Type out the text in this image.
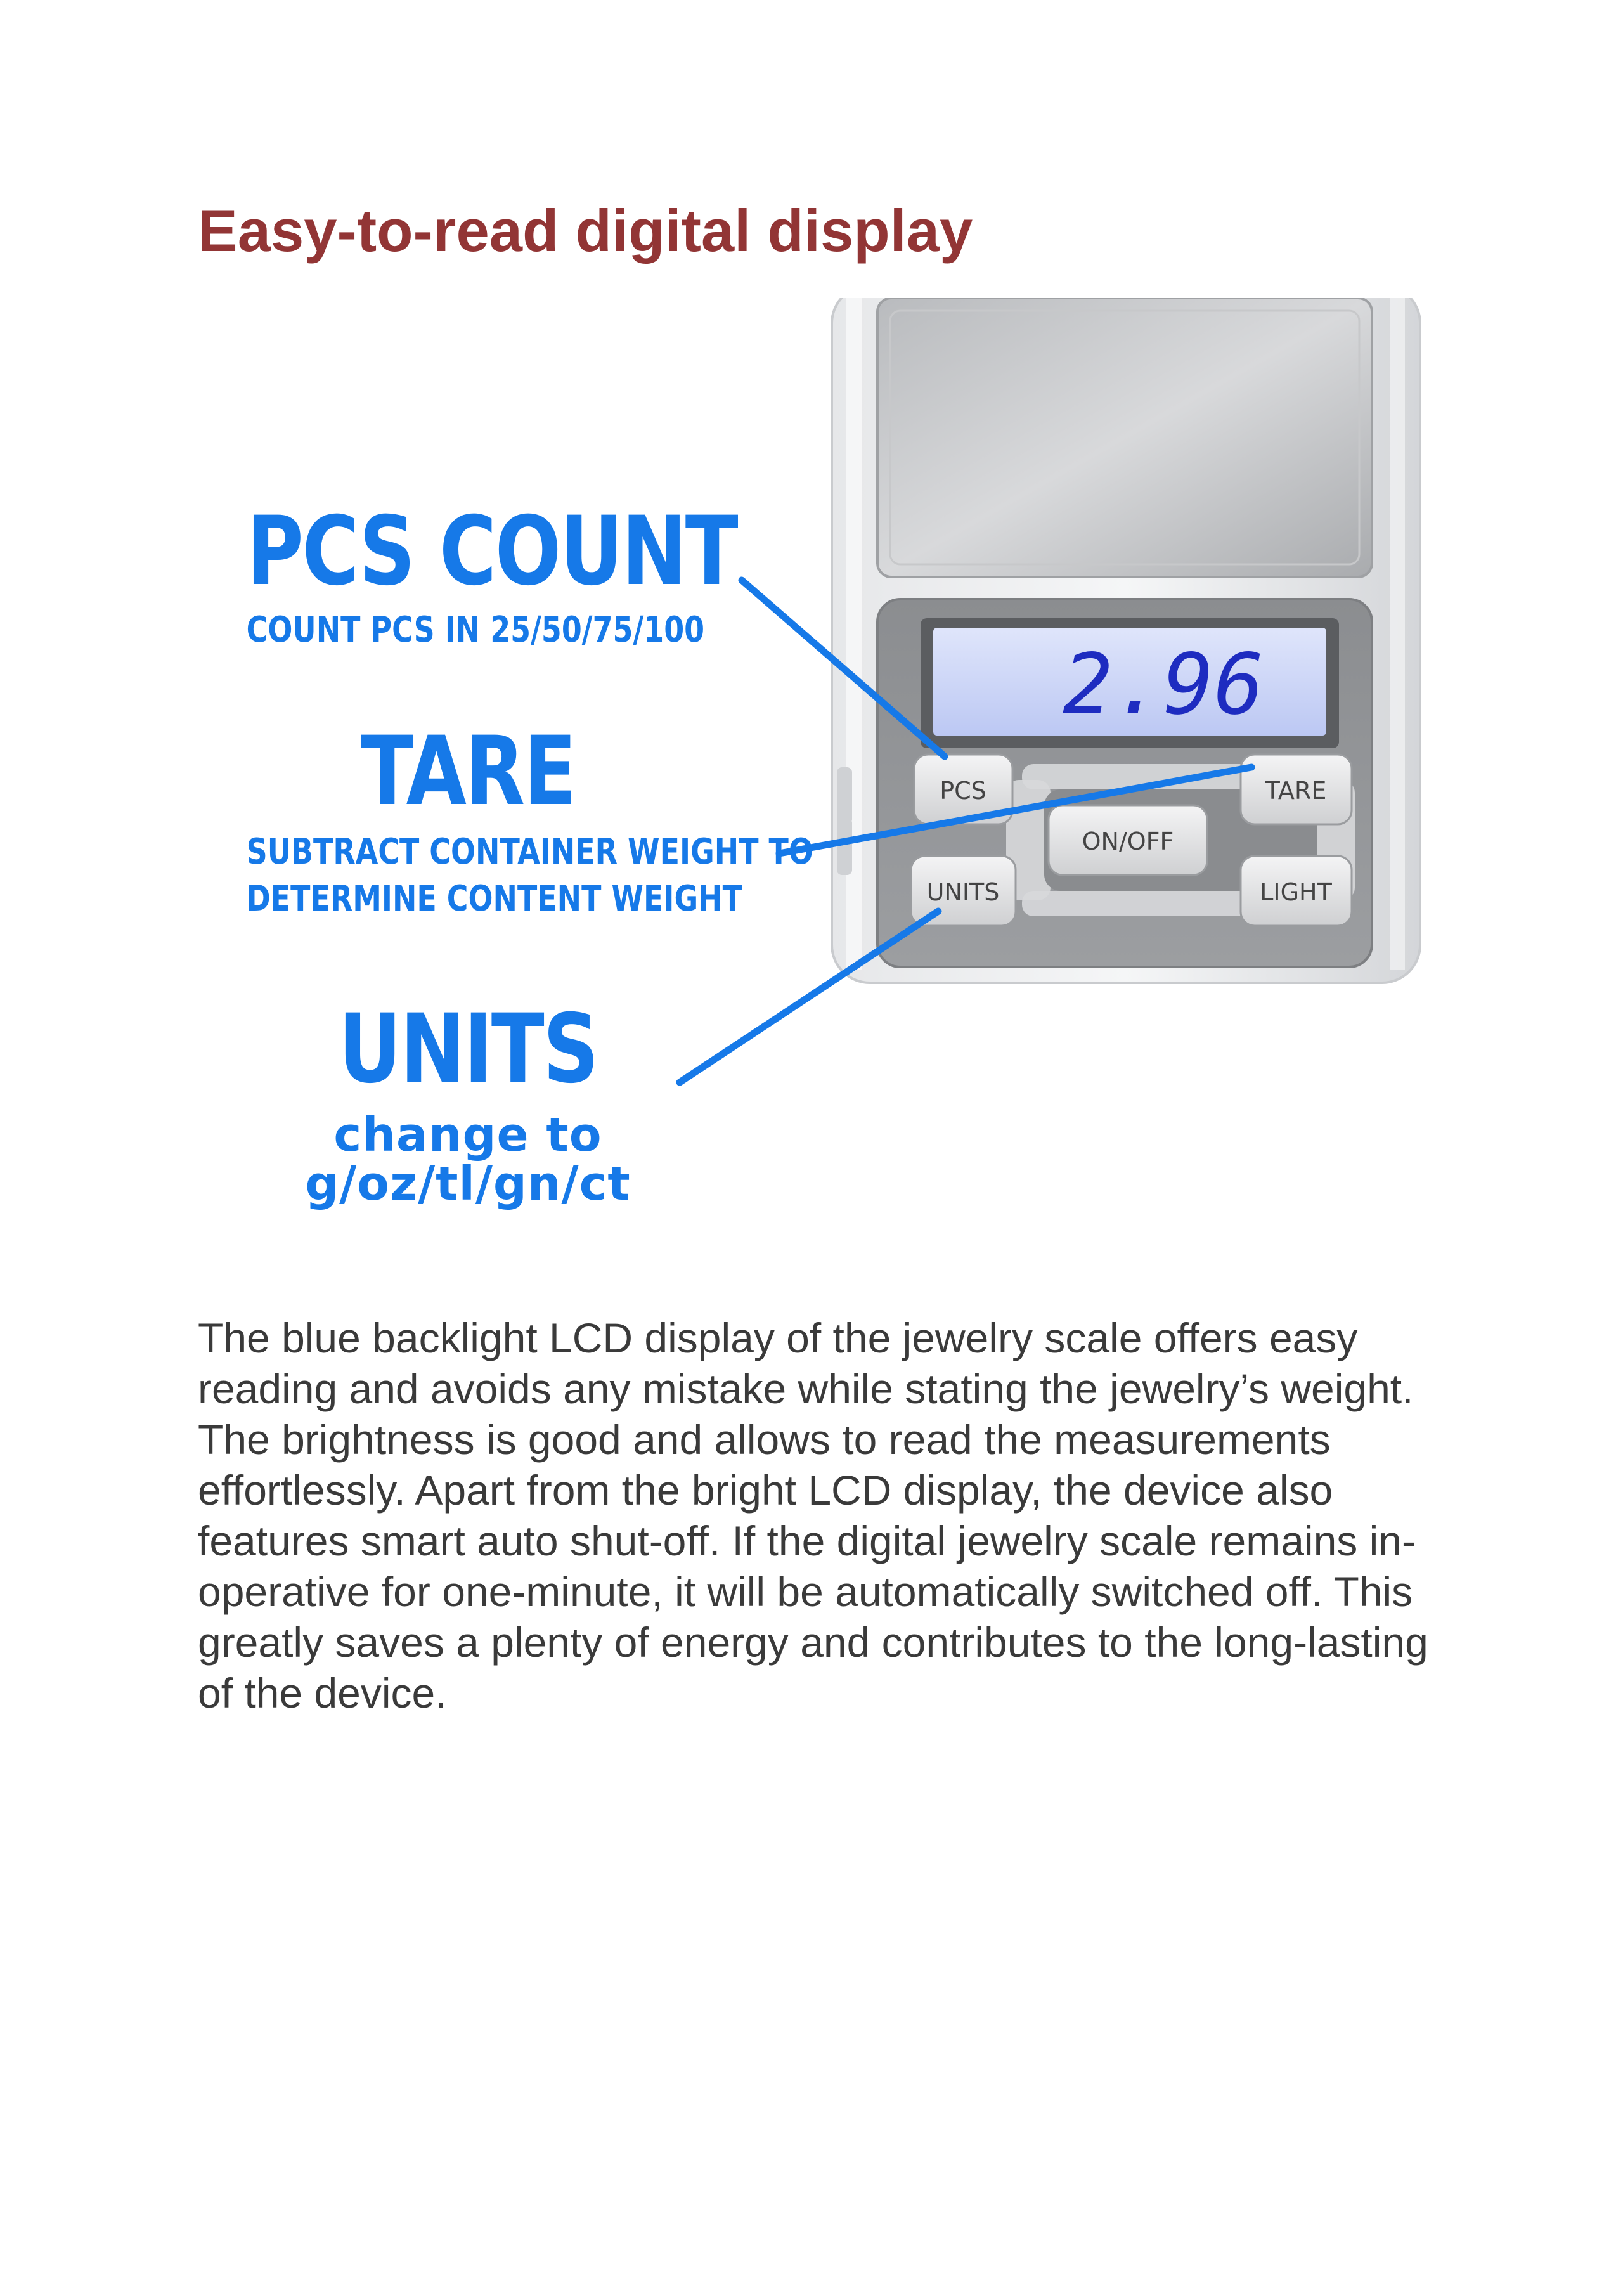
Easy-to-read digital display
2.96
PCS	TARE
ON/OFF
UNITS	LIGHT
PCS COUNT
COUNT PCS IN 25/50/75/100
TARE
SUBTRACT CONTAINER WEIGHT TO
DETERMINE CONTENT WEIGHT
UNITS
change to
g/oz/tl/gn/ct

The blue backlight LCD display of the jewelry scale offers easy reading and avoids any mistake while stating the jewelry’s weight. The brightness is good and allows to read the measurements effortlessly. Apart from the bright LCD display, the device also features smart auto shut-off. If the digital jewelry scale remains in-operative for one-minute, it will be automatically switched off. This greatly saves a plenty of energy and contributes to the long-lasting of the device.
